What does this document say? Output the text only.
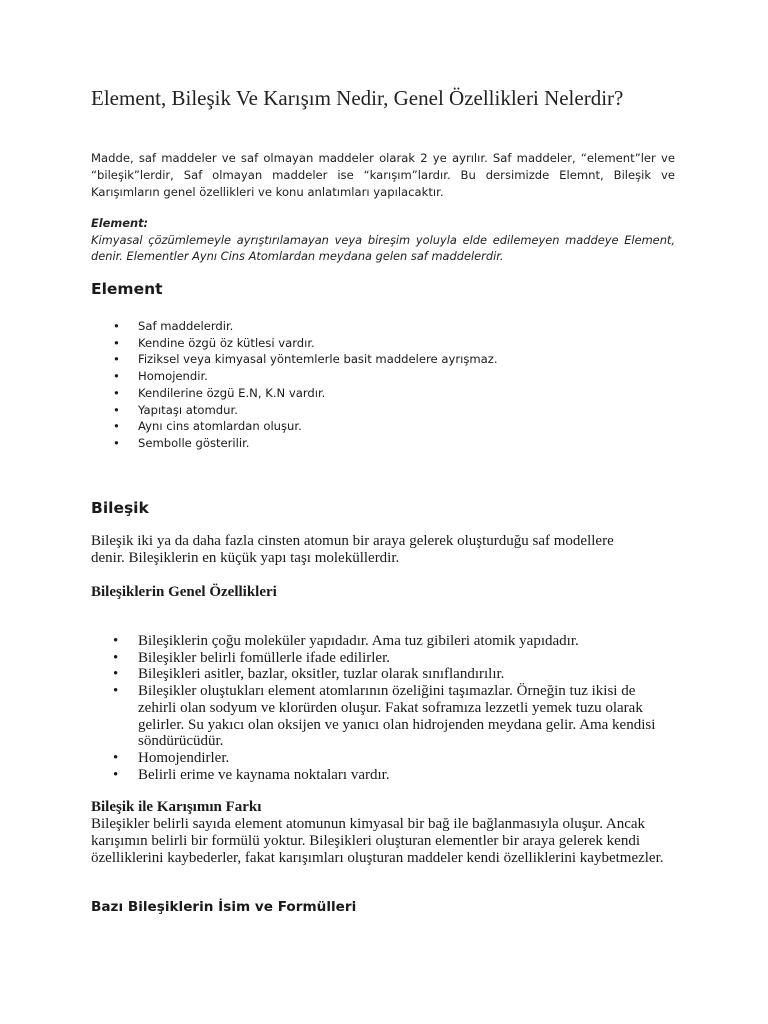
Element, Bileşik Ve Karışım Nedir, Genel Özellikleri Nelerdir?

Madde, saf maddeler ve saf olmayan maddeler olarak 2 ye ayrılır. Saf maddeler, “element”ler ve “bileşik”lerdir, Saf olmayan maddeler ise “karışım”lardır. Bu dersimizde Elemnt, Bileşik ve Karışımların genel özellikleri ve konu anlatımları yapılacaktır.

Element:
Kimyasal çözümlemeyle ayrıştırılamayan veya bireşim yoluyla elde edilemeyen maddeye Element, denir. Elementler Aynı Cins Atomlardan meydana gelen saf maddelerdir.
Element
• Saf maddelerdir.
• Kendine özgü öz kütlesi vardır.
• Fiziksel veya kimyasal yöntemlerle basit maddelere ayrışmaz.
• Homojendir.
• Kendilerine özgü E.N, K.N vardır.
• Yapıtaşı atomdur.
• Aynı cins atomlardan oluşur.
• Sembolle gösterilir.
Bileşik

Bileşik iki ya da daha fazla cinsten atomun bir araya gelerek oluşturduğu saf modellere denir. Bileşiklerin en küçük yapı taşı moleküllerdir.

Bileşiklerin Genel Özellikleri
• Bileşiklerin çoğu moleküler yapıdadır. Ama tuz gibileri atomik yapıdadır.
• Bileşikler belirli fomüllerle ifade edilirler.
• Bileşikleri asitler, bazlar, oksitler, tuzlar olarak sınıflandırılır.
• Bileşikler oluştukları element atomlarının özeliğini taşımazlar. Örneğin tuz ikisi de zehirli olan sodyum ve klorürden oluşur. Fakat soframıza lezzetli yemek tuzu olarak gelirler. Su yakıcı olan oksijen ve yanıcı olan hidrojenden meydana gelir. Ama kendisi söndürücüdür.
• Homojendirler.
• Belirli erime ve kaynama noktaları vardır.
Bileşik ile Karışımın Farkı

Bileşikler belirli sayıda element atomunun kimyasal bir bağ ile bağlanmasıyla oluşur. Ancak karışımın belirli bir formülü yoktur. Bileşikleri oluşturan elementler bir araya gelerek kendi özelliklerini kaybederler, fakat karışımları oluşturan maddeler kendi özelliklerini kaybetmezler.

Bazı Bileşiklerin İsim ve Formülleri
